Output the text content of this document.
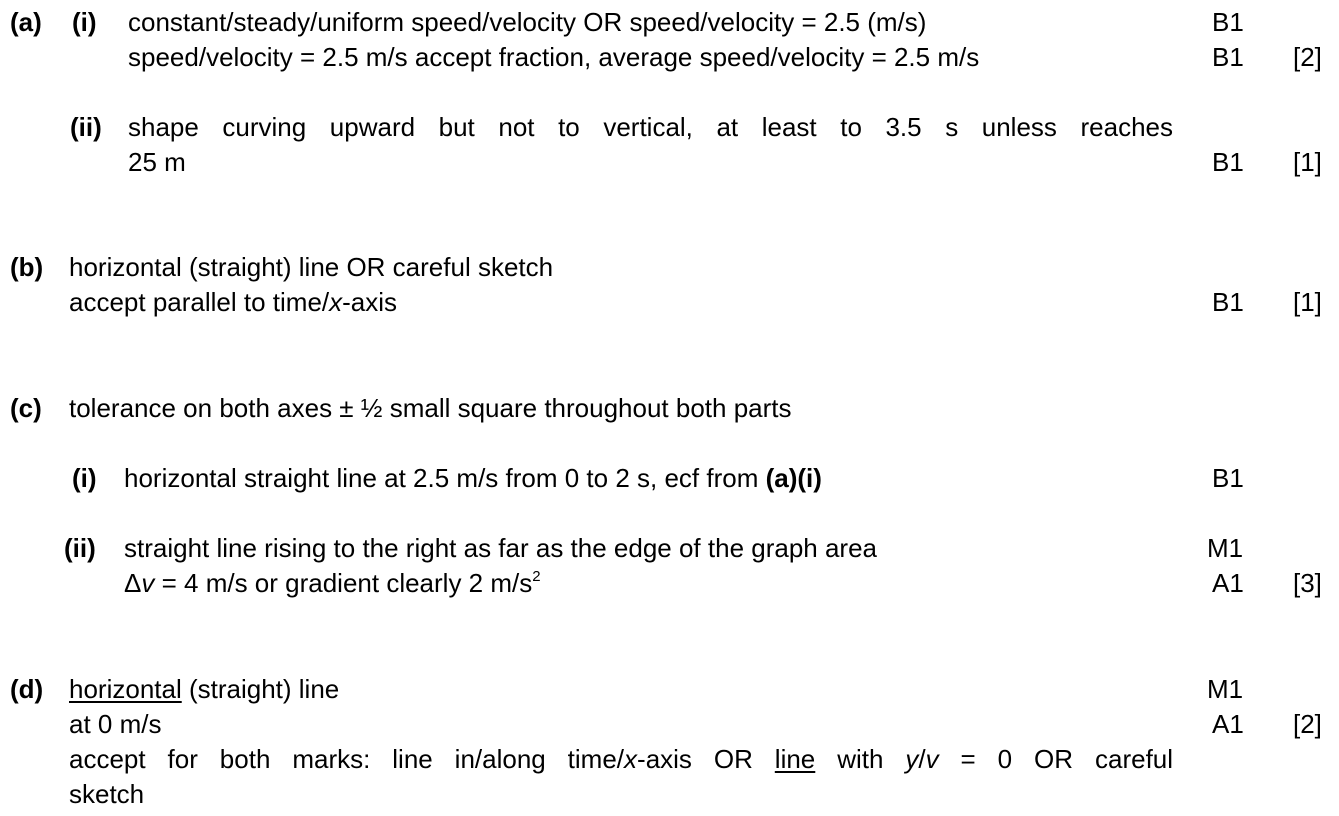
(a) (i) constant/steady/uniform speed/velocity OR speed/velocity = 2.5 (m/s)	B1
speed/velocity = 2.5 m/s accept fraction, average speed/velocity = 2.5 m/s	B1 [2]
(ii) shape curving upward but not to vertical, at least to 3.5 s unless reaches
25 m	B1 [1]
(b) horizontal (straight) line OR careful sketch
accept parallel to time/x-axis	B1 [1]
(c) tolerance on both axes ± ½ small square throughout both parts
(i) horizontal straight line at 2.5 m/s from 0 to 2 s, ecf from (a)(i)	B1
(ii) straight line rising to the right as far as the edge of the graph area	M1
Δv = 4 m/s or gradient clearly 2 $m/s^2$	A1 [3]
(d) horizontal (straight) line	M1
at 0 m/s	A1 [2]
accept for both marks: line in/along time/x-axis OR line with y/v = 0 OR careful
sketch
